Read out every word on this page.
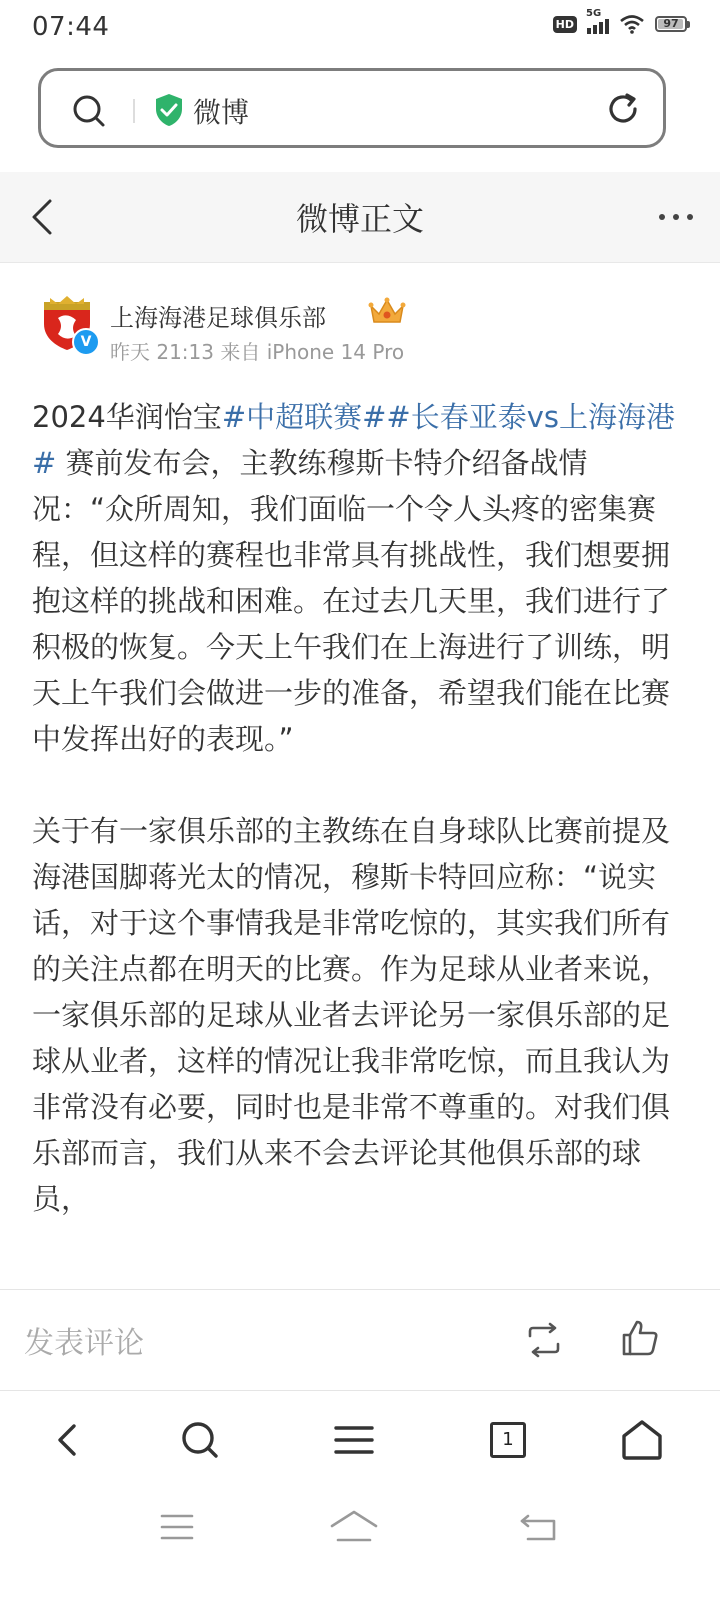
07:44	HD
5G
97
微博
微博正文
V
上海海港足球俱乐部
昨天 21:13 来自 iPhone 14 Pro

2024华润怡宝#中超联赛##长春亚泰vs上海海港# 赛前发布会，主教练穆斯卡特介绍备战情况：“众所周知，我们面临一个令人头疼的密集赛程，但这样的赛程也非常具有挑战性，我们想要拥抱这样的挑战和困难。在过去几天里，我们进行了积极的恢复。今天上午我们在上海进行了训练，明天上午我们会做进一步的准备，希望我们能在比赛中发挥出好的表现。”

关于有一家俱乐部的主教练在自身球队比赛前提及海港国脚蒋光太的情况，穆斯卡特回应称：“说实话，对于这个事情我是非常吃惊的，其实我们所有的关注点都在明天的比赛。作为足球从业者来说，一家俱乐部的足球从业者去评论另一家俱乐部的足球从业者，这样的情况让我非常吃惊，而且我认为非常没有必要，同时也是非常不尊重的。对我们俱乐部而言，我们从来不会去评论其他俱乐部的球员，

发表评论
1
